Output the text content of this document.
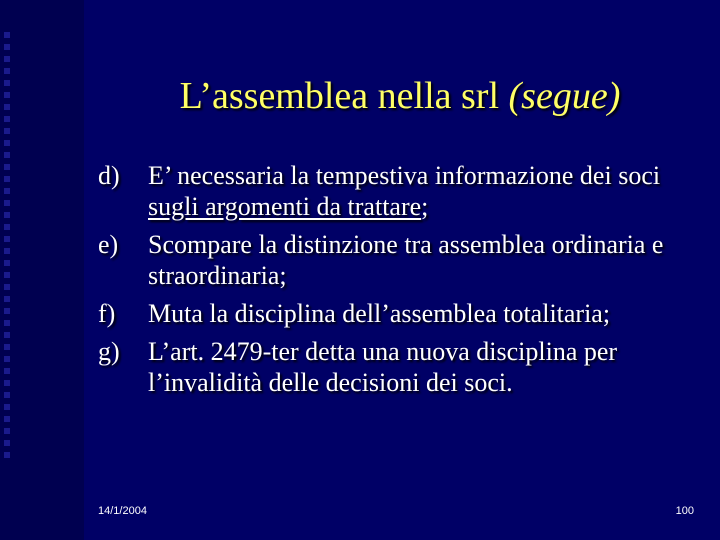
L’assemblea nella srl (segue)
d)	E’ necessaria la tempestiva informazione dei soci sugli argomenti da trattare;
e)	Scompare la distinzione tra assemblea ordinaria e straordinaria;
f)	Muta la disciplina dell’assemblea totalitaria;
g)	L’art. 2479-ter detta una nuova disciplina per l’invalidità delle decisioni dei soci.
14/1/2004	100
